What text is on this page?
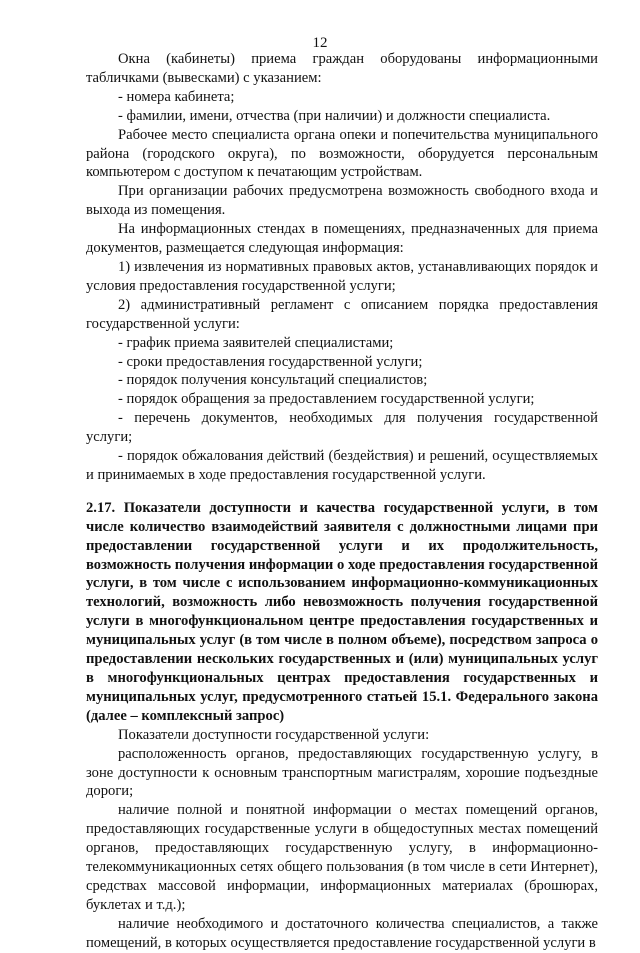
12

Окна (кабинеты) приема граждан оборудованы информационными табличками (вывесками) с указанием:

- номера кабинета;

- фамилии, имени, отчества (при наличии) и должности специалиста.

Рабочее место специалиста органа опеки и попечительства муниципального района (городского округа), по возможности, оборудуется персональным компьютером с доступом к печатающим устройствам.

При организации рабочих предусмотрена возможность свободного входа и выхода из помещения.

На информационных стендах в помещениях, предназначенных для приема документов, размещается следующая информация:

1) извлечения из нормативных правовых актов, устанавливающих порядок и условия предоставления государственной услуги;

2) административный регламент с описанием порядка предоставления государственной услуги:

- график приема заявителей специалистами;

- сроки предоставления государственной услуги;

- порядок получения консультаций специалистов;

- порядок обращения за предоставлением государственной услуги;

- перечень документов, необходимых для получения государственной услуги;

- порядок обжалования действий (бездействия) и решений, осуществляемых и принимаемых в ходе предоставления государственной услуги.

2.17. Показатели доступности и качества государственной услуги, в том числе количество взаимодействий заявителя с должностными лицами при предоставлении государственной услуги и их продолжительность, возможность получения информации о ходе предоставления государственной услуги, в том числе с использованием информационно-коммуникационных технологий, возможность либо невозможность получения государственной услуги в многофункциональном центре предоставления государственных и муниципальных услуг (в том числе в полном объеме), посредством запроса о предоставлении нескольких государственных и (или) муниципальных услуг в многофункциональных центрах предоставления государственных и муниципальных услуг, предусмотренного статьей 15.1. Федерального закона (далее – комплексный запрос)

Показатели доступности государственной услуги:

расположенность органов, предоставляющих государственную услугу, в зоне доступности к основным транспортным магистралям, хорошие подъездные дороги;

наличие полной и понятной информации о местах помещений органов, предоставляющих государственные услуги в общедоступных местах помещений органов, предоставляющих государственную услугу, в информационно-телекоммуникационных сетях общего пользования (в том числе в сети Интернет), средствах массовой информации, информационных материалах (брошюрах, буклетах и т.д.);

наличие необходимого и достаточного количества специалистов, а также помещений, в которых осуществляется предоставление государственной услуги в
